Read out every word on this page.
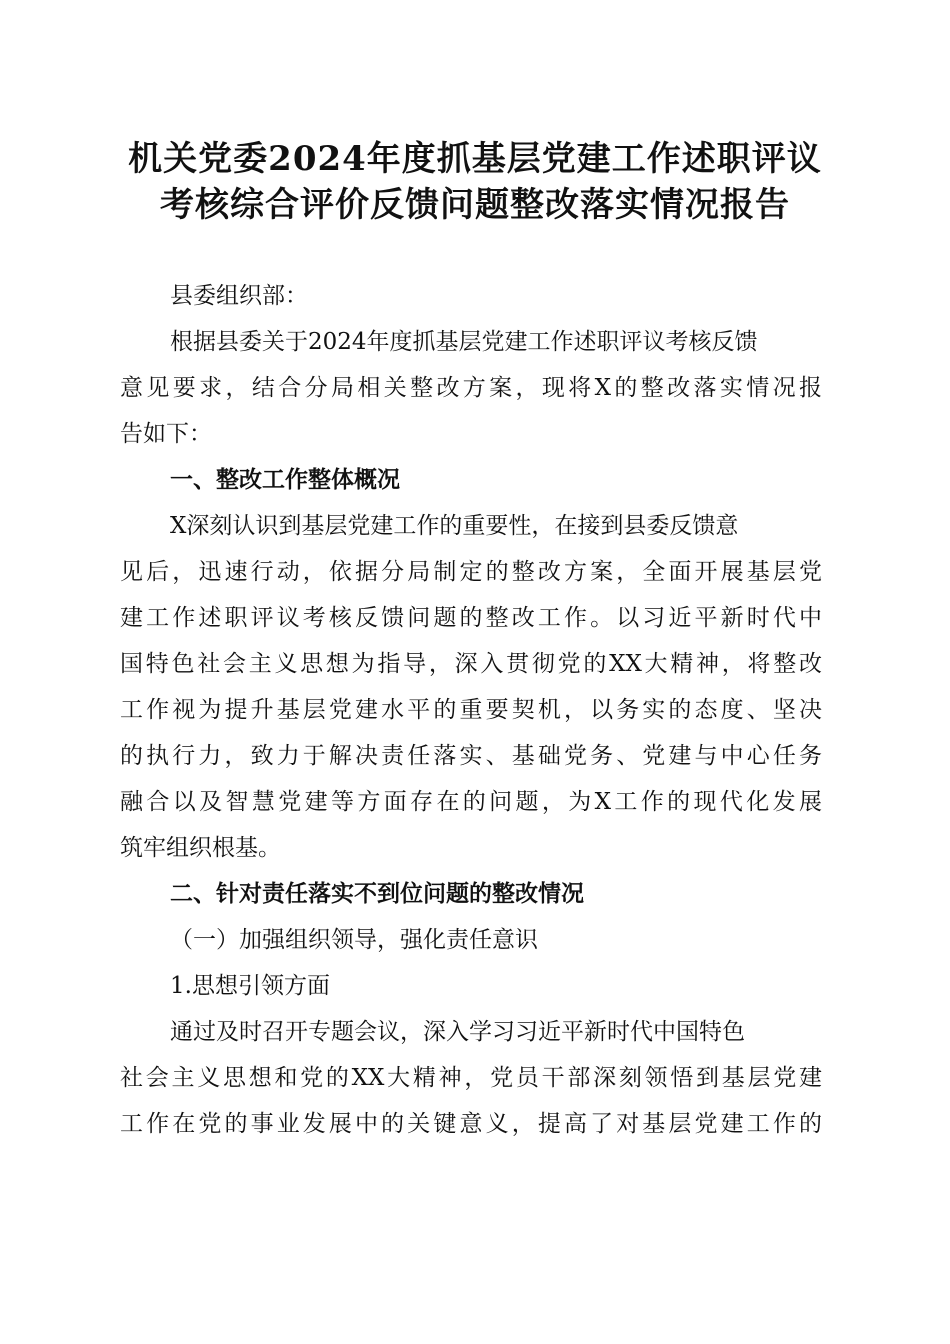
机关党委2024年度抓基层党建工作述职评议
考核综合评价反馈问题整改落实情况报告
县委组织部：
根据县委关于2024年度抓基层党建工作述职评议考核反馈
意见要求，结合分局相关整改方案，现将X的整改落实情况报
告如下：
一、整改工作整体概况
X深刻认识到基层党建工作的重要性，在接到县委反馈意
见后，迅速行动，依据分局制定的整改方案，全面开展基层党
建工作述职评议考核反馈问题的整改工作。以习近平新时代中
国特色社会主义思想为指导，深入贯彻党的XX大精神，将整改
工作视为提升基层党建水平的重要契机，以务实的态度、坚决
的执行力，致力于解决责任落实、基础党务、党建与中心任务
融合以及智慧党建等方面存在的问题，为X工作的现代化发展
筑牢组织根基。
二、针对责任落实不到位问题的整改情况
（一）加强组织领导，强化责任意识
1.思想引领方面
通过及时召开专题会议，深入学习习近平新时代中国特色
社会主义思想和党的XX大精神，党员干部深刻领悟到基层党建
工作在党的事业发展中的关键意义，提高了对基层党建工作的
